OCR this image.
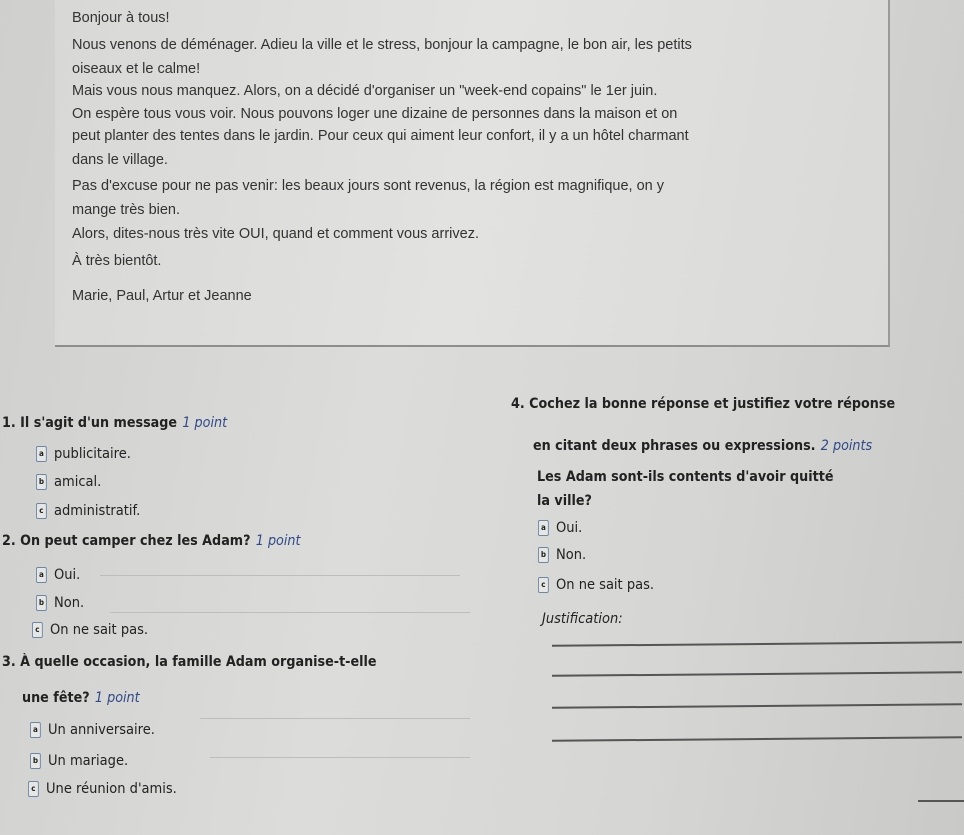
Bonjour à tous!
Nous venons de déménager. Adieu la ville et le stress, bonjour la campagne, le bon air, les petits
oiseaux et le calme!
Mais vous nous manquez. Alors, on a décidé d'organiser un "week-end copains" le 1er juin.
On espère tous vous voir. Nous pouvons loger une dizaine de personnes dans la maison et on
peut planter des tentes dans le jardin. Pour ceux qui aiment leur confort, il y a un hôtel charmant
dans le village.
Pas d'excuse pour ne pas venir: les beaux jours sont revenus, la région est magnifique, on y
mange très bien.
Alors, dites-nous très vite OUI, quand et comment vous arrivez.
À très bientôt.
Marie, Paul, Artur et Jeanne
1. Il s'agit d'un message 1 point
a publicitaire.
b amical.
c administratif.
2. On peut camper chez les Adam? 1 point
a Oui.
b Non.
c On ne sait pas.
3. À quelle occasion, la famille Adam organise-t-elle
une fête? 1 point
a Un anniversaire.
b Un mariage.
c Une réunion d'amis.
4. Cochez la bonne réponse et justifiez votre réponse
en citant deux phrases ou expressions. 2 points
Les Adam sont-ils contents d'avoir quitté
la ville?
a Oui.
b Non.
c On ne sait pas.
Justification:
